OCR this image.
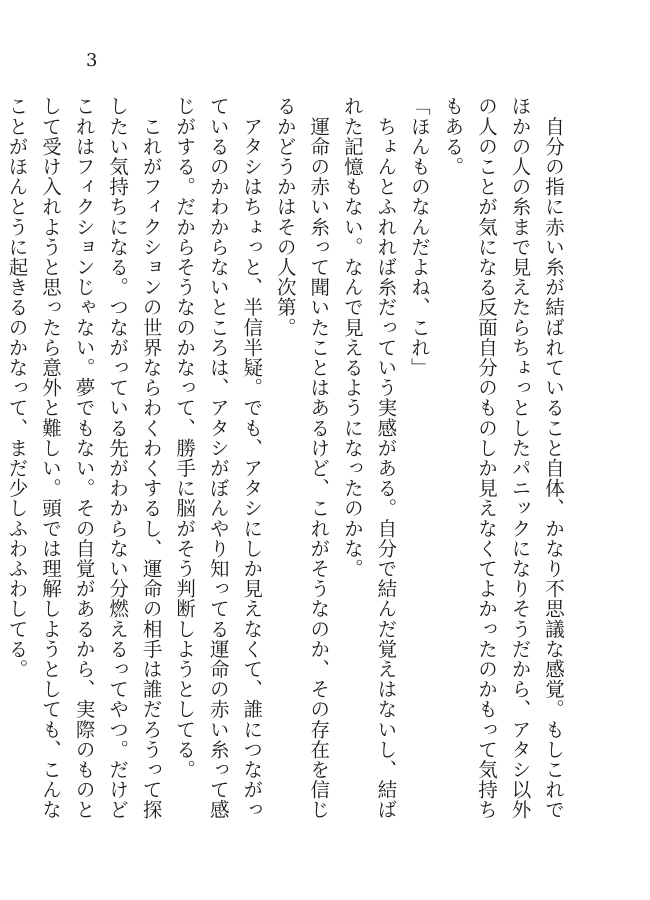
3

　自分の指に赤い糸が結ばれていること自体、かなり不思議な感覚。もしこれでほかの人の糸まで見えたらちょっとしたパニックになりそうだから、アタシ以外の人のことが気になる反面自分のものしか見えなくてよかったのかもって気持ちもある。

「ほんものなんだよね、これ」

　ちょんとふれれば糸だっていう実感がある。自分で結んだ覚えはないし、結ばれた記憶もない。なんで見えるようになったのかな。

　運命の赤い糸って聞いたことはあるけど、これがそうなのか、その存在を信じるかどうかはその人次第。

　アタシはちょっと、半信半疑。でも、アタシにしか見えなくて、誰につながっているのかわからないところは、アタシがぼんやり知ってる運命の赤い糸って感じがする。だからそうなのかなって、勝手に脳がそう判断しようとしてる。

　これがフィクションの世界ならわくわくするし、運命の相手は誰だろうって探したい気持ちになる。つながっている先がわからない分燃えるってやつ。だけどこれはフィクションじゃない。夢でもない。その自覚があるから、実際のものとして受け入れようと思ったら意外と難しい。頭では理解しようとしても、こんなことがほんとうに起きるのかなって、まだ少しふわふわしてる。
